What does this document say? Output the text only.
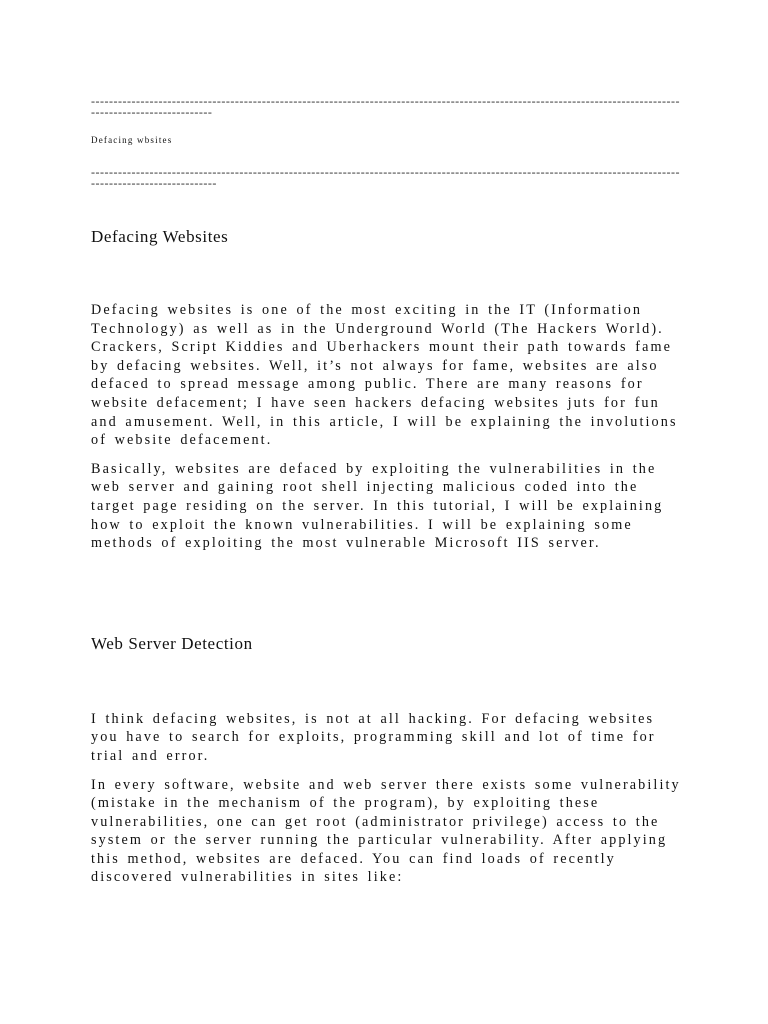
--------------------------------------------------------------------------------------------------------------------------------------------------------------

Defacing wbsites

---------------------------------------------------------------------------------------------------------------------------------------------------------------

Defacing Websites

Defacing websites is one of the most exciting in the IT (Information Technology) as well as in the Underground World (The Hackers World). Crackers, Script Kiddies and Uberhackers mount their path towards fame by defacing websites. Well, it’s not always for fame, websites are also defaced to spread message among public. There are many reasons for website defacement; I have seen hackers defacing websites juts for fun and amusement. Well, in this article, I will be explaining the involutions of website defacement.

Basically, websites are defaced by exploiting the vulnerabilities in the web server and gaining root shell injecting malicious coded into the target page residing on the server. In this tutorial, I will be explaining how to exploit the known vulnerabilities. I will be explaining some methods of exploiting the most vulnerable Microsoft IIS server.

Web Server Detection

I think defacing websites, is not at all hacking. For defacing websites you have to search for exploits, programming skill and lot of time for trial and error.

In every software, website and web server there exists some vulnerability (mistake in the mechanism of the program), by exploiting these vulnerabilities, one can get root (administrator privilege) access to the system or the server running the particular vulnerability. After applying this method, websites are defaced. You can find loads of recently discovered vulnerabilities in sites like:
